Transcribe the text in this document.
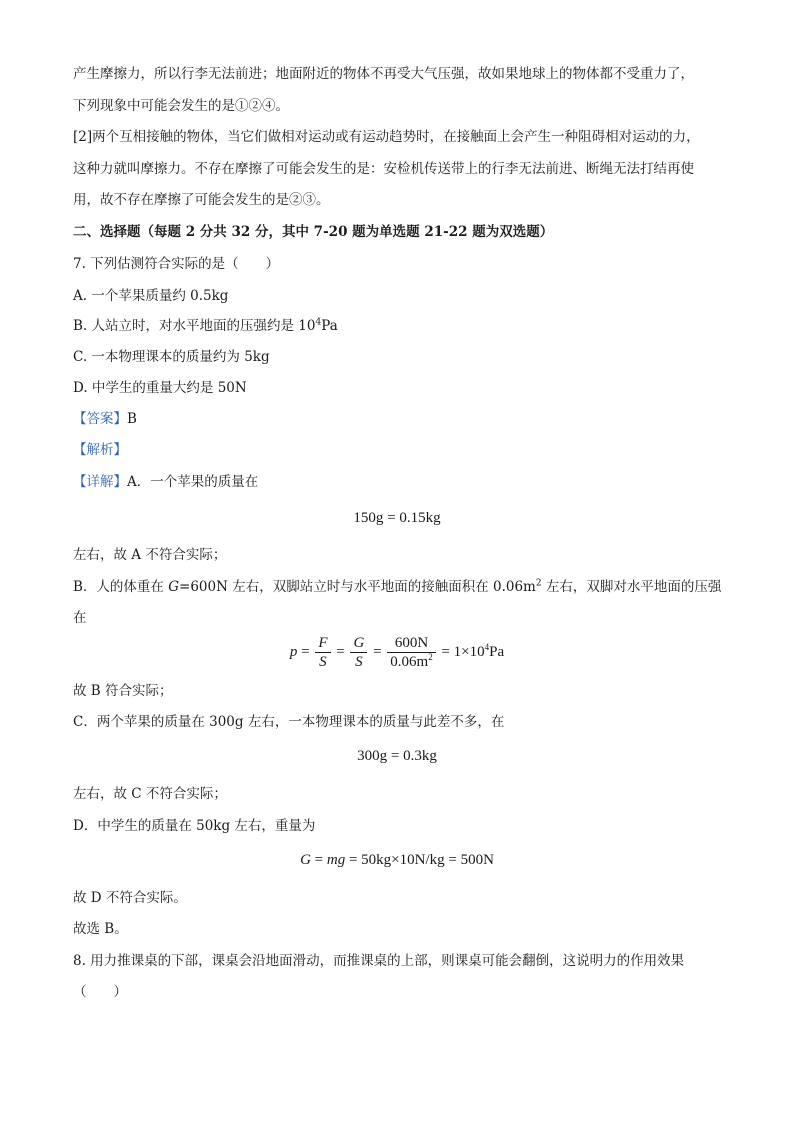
产生摩擦力，所以行李无法前进；地面附近的物体不再受大气压强，故如果地球上的物体都不受重力了，
下列现象中可能会发生的是①②④。
[2]两个互相接触的物体，当它们做相对运动或有运动趋势时，在接触面上会产生一种阻碍相对运动的力，
这种力就叫摩擦力。不存在摩擦了可能会发生的是：安检机传送带上的行李无法前进、断绳无法打结再使
用，故不存在摩擦了可能会发生的是②③。
二、选择题（每题 2 分共 32 分，其中 7-20 题为单选题 21-22 题为双选题）
7. 下列估测符合实际的是（　　）
A. 一个苹果质量约 0.5kg
B. 人站立时，对水平地面的压强约是 $10^4Pa$
C. 一本物理课本的质量约为 5kg
D. 中学生的重量大约是 50N
【答案】B
【解析】
【详解】A．一个苹果的质量在
150g = 0.15kg
左右，故 A 不符合实际；
B．人的体重在 G=600N 左右，双脚站立时与水平地面的接触面积在 $0.06m^2$ 左右，双脚对水平地面的压强
在
$p = \frac{F}{S} = \frac{G}{S} = \frac{600N}{0.06m^2} = 1\times 10^4Pa$
故 B 符合实际；
C．两个苹果的质量在 300g 左右，一本物理课本的质量与此差不多，在
300g = 0.3kg
左右，故 C 不符合实际；
D．中学生的质量在 50kg 左右，重量为
G = mg = 50kg×10N/kg = 500N
故 D 不符合实际。
故选 B。
8. 用力推课桌的下部，课桌会沿地面滑动，而推课桌的上部，则课桌可能会翻倒，这说明力的作用效果
（　　）
